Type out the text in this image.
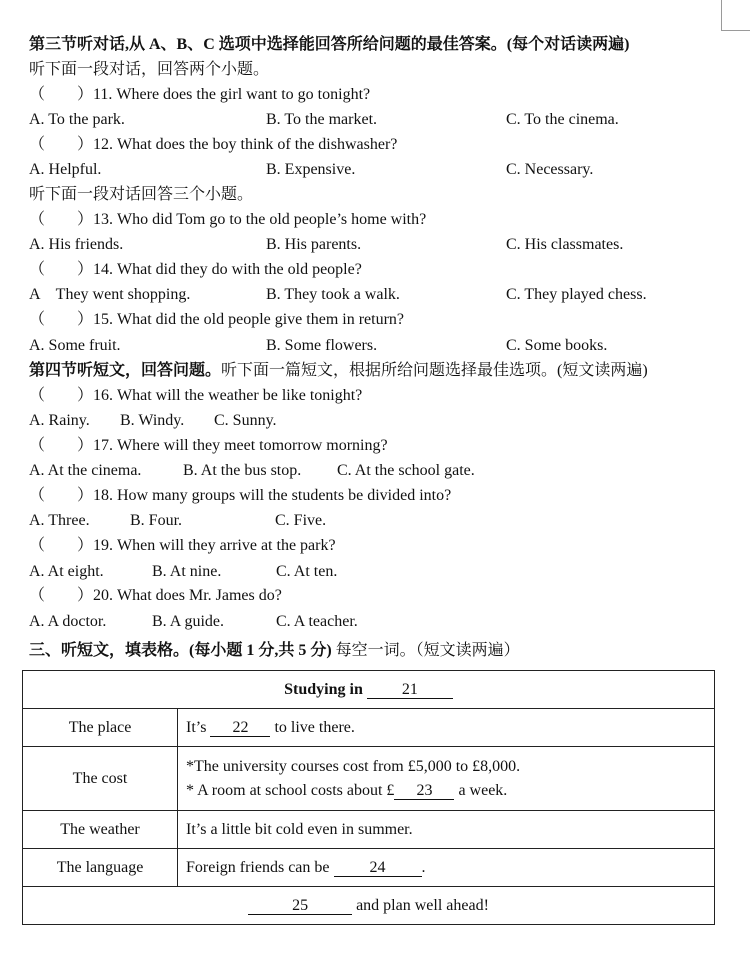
第三节听对话,从 A、B、C 选项中选择能回答所给问题的最佳答案。(每个对话读两遍)
听下面一段对话，回答两个小题。
（　　）11. Where does the girl want to go tonight?
A. To the park.	B. To the market.	C. To the cinema.
（　　）12. What does the boy think of the dishwasher?
A. Helpful.	B. Expensive.	C. Necessary.
听下面一段对话回答三个小题。
（　　）13. Who did Tom go to the old people’s home with?
A. His friends.	B. His parents.	C. His classmates.
（　　）14. What did they do with the old people?
A　They went shopping.	B. They took a walk.	C. They played chess.
（　　）15. What did the old people give them in return?
A. Some fruit.	B. Some flowers.	C. Some books.
第四节听短文，回答问题。听下面一篇短文，根据所给问题选择最佳选项。(短文读两遍)
（　　）16. What will the weather be like tonight?
A. Rainy. B. Windy. C. Sunny.
（　　）17. Where will they meet tomorrow morning?
A. At the cinema.	B. At the bus stop. C. At the school gate.
（　　）18. How many groups will the students be divided into?
A. Three.	B. Four.	C. Five.
（　　）19. When will they arrive at the park?
A. At eight.	B. At nine.	C. At ten.
（　　）20. What does Mr. James do?
A. A doctor.	B. A guide.	C. A teacher.
三、听短文，填表格。(每小题 1 分,共 5 分) 每空一词。（短文读两遍）
Studying in 21	
The place	It’s 22 to live there.
The cost	*The university courses cost from £5,000 to £8,000.
* A room at school costs about £ 23 a week.

The weather	It’s a little bit cold even in summer.
The language	Foreign friends can be 24 .
25 and plan well ahead!	
